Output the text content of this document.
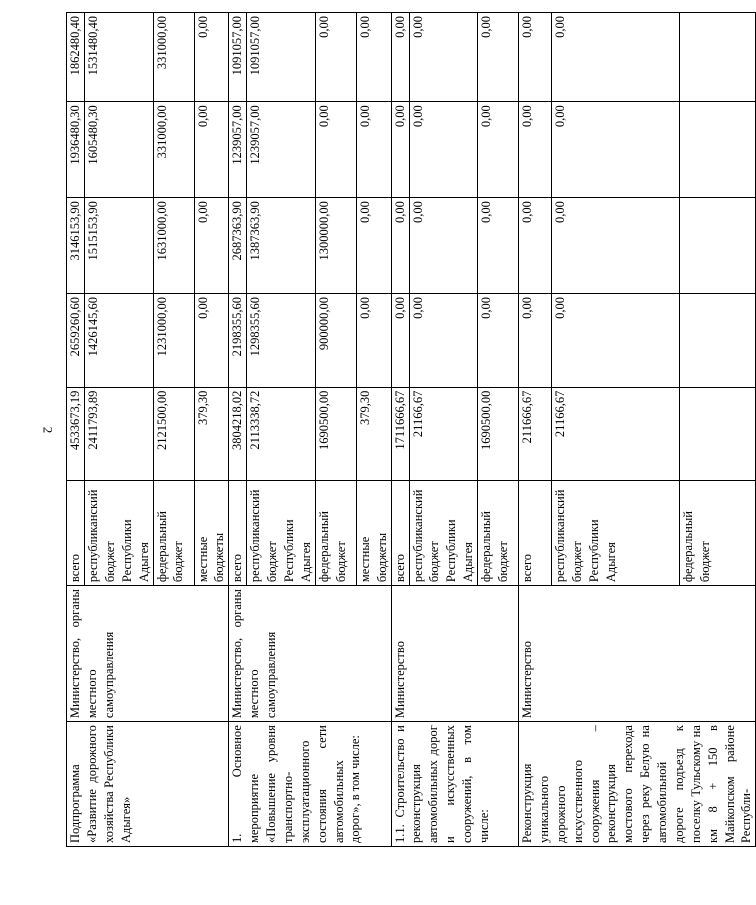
2
Подпрограмма «Развитие дорожного хозяйства Республики Адыгея»	Министерство, органы местного самоуправления	всего	4533673,19	2659260,60	3146153,90	1936480,30	1862480,40
		республиканский бюджет Республики Адыгея	2411793,89	1426145,60	1515153,90	1605480,30	1531480,40
		федеральный бюджет	2121500,00	1231000,00	1631000,00	331000,00	331000,00
		местные бюджеты	379,30	0,00	0,00	0,00	0,00
1. Основное мероприятие «Повышение уровня транспортно-эксплуатационного состояния сети автомобильных дорог», в том числе:	Министерство, органы местного самоуправления	всего	3804218,02	2198355,60	2687363,90	1239057,00	1091057,00
		республиканский бюджет Республики Адыгея	2113338,72	1298355,60	1387363,90	1239057,00	1091057,00
		федеральный бюджет	1690500,00	900000,00	1300000,00	0,00	0,00
		местные бюджеты	379,30	0,00	0,00	0,00	0,00
1.1. Строительство и реконструкция автомобильных дорог и искусственных сооружений, в том числе:	Министерство	всего	1711666,67	0,00	0,00	0,00	0,00
		республиканский бюджет Республики Адыгея	21166,67	0,00	0,00	0,00	0,00
		федеральный бюджет	1690500,00	0,00	0,00	0,00	0,00
Реконструкция уникального дорожного искусственного сооружения – реконструкция мостового перехода через реку Белую на автомобильной дороге подъезд к поселку Тульскому на км 8 + 150 в Майкопском районе Республи-	Министерство	всего	211666,67	0,00	0,00	0,00	0,00
		республиканский бюджет Республики Адыгея	21166,67	0,00	0,00	0,00	0,00
		федеральный бюджет					
